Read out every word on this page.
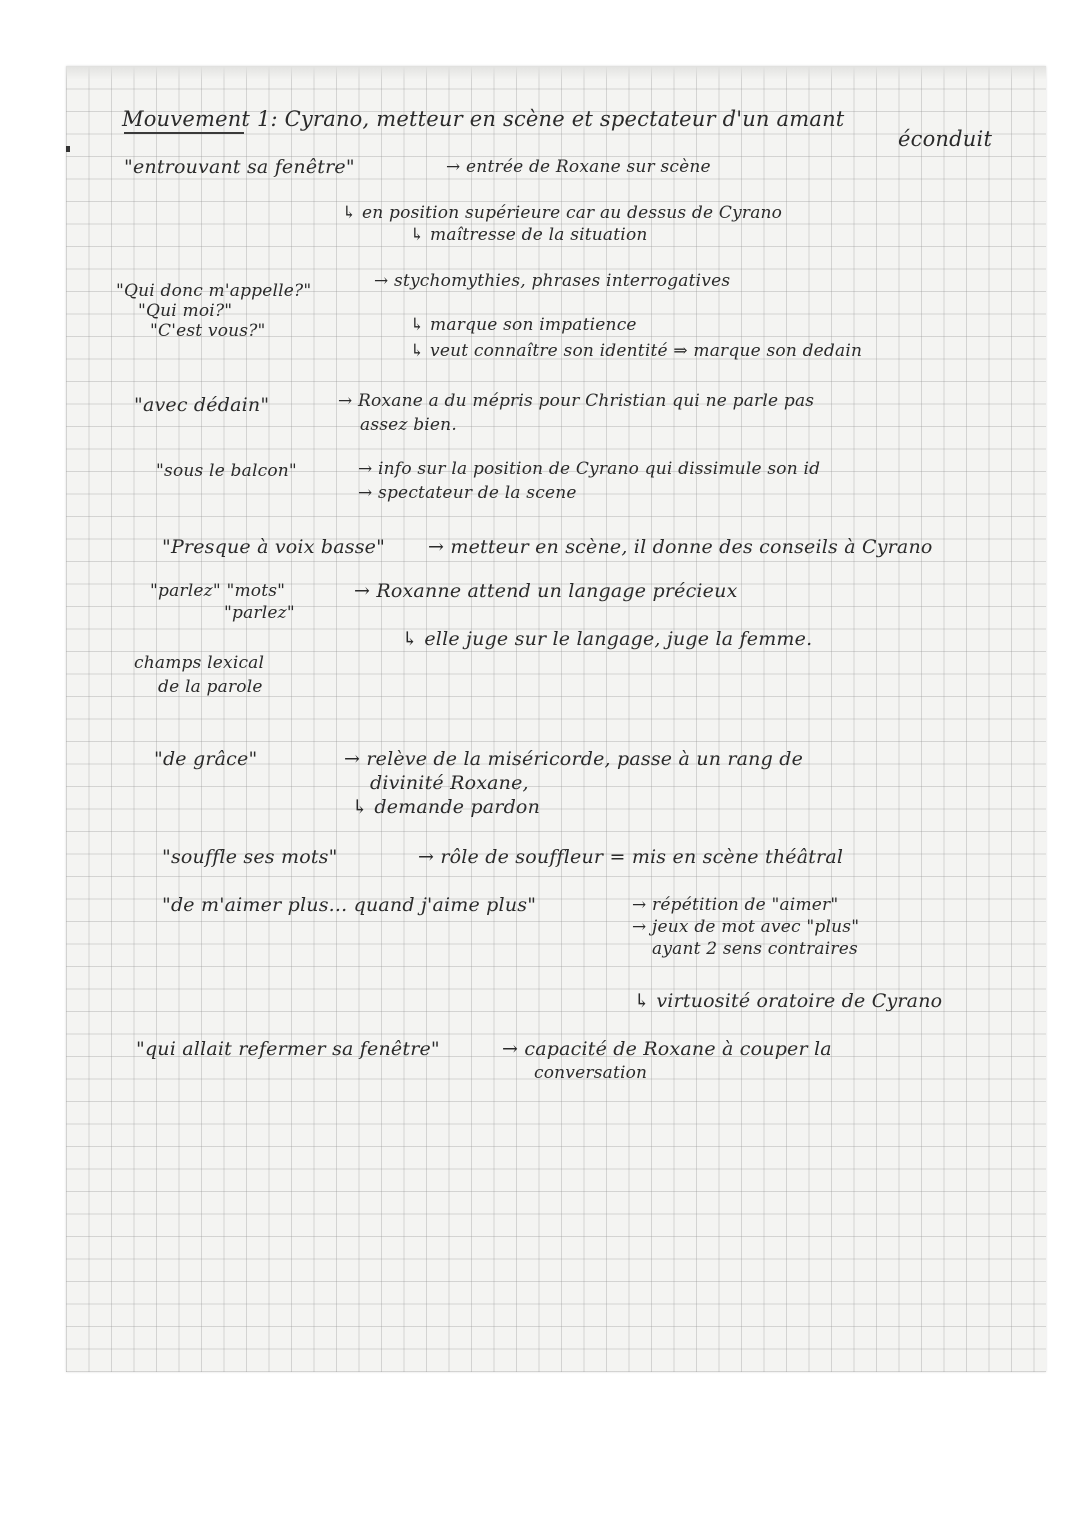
Mouvement 1: Cyrano, metteur en scène et spectateur d'un amant
éconduit
"entrouvant sa fenêtre"	→ entrée de Roxane sur scène
↳ en position supérieure car au dessus de Cyrano
↳ maîtresse de la situation
"Qui donc m'appelle?"
"Qui moi?"
"C'est vous?"
→ stychomythies, phrases interrogatives
↳ marque son impatience
↳ veut connaître son identité ⇒ marque son dedain
"avec dédain"	→ Roxane a du mépris pour Christian qui ne parle pas
assez bien.
"sous le balcon"	→ info sur la position de Cyrano qui dissimule son id
→ spectateur de la scene
"Presque à voix basse" → metteur en scène, il donne des conseils à Cyrano
"parlez" "mots"
"parlez"
champs lexical
de la parole
→ Roxanne attend un langage précieux
↳ elle juge sur le langage, juge la femme.
"de grâce"	→ relève de la miséricorde, passe à un rang de
divinité Roxane,
↳ demande pardon
"souffle ses mots"	→ rôle de souffleur = mis en scène théâtral
"de m'aimer plus... quand j'aime plus"	→ répétition de "aimer"
→ jeux de mot avec "plus"
ayant 2 sens contraires
↳ virtuosité oratoire de Cyrano
"qui allait refermer sa fenêtre"	→ capacité de Roxane à couper la
conversation
